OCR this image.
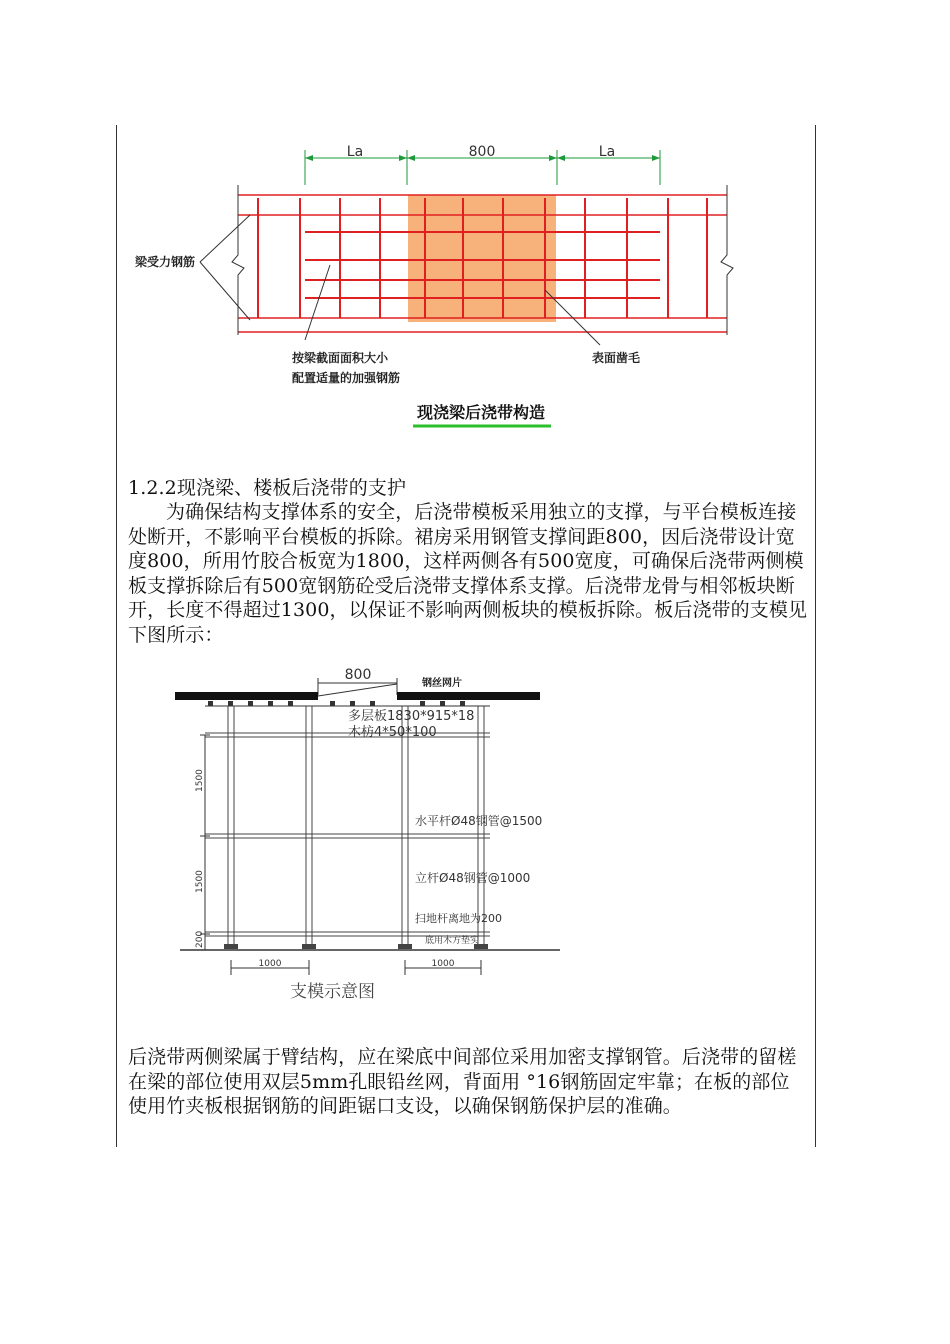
La	800	La
梁受力钢筋
按梁截面面积大小
配置适量的加强钢筋
表面凿毛
现浇梁后浇带构造
1.2.2现浇梁、楼板后浇带的支护
为确保结构支撑体系的安全，后浇带模板采用独立的支撑，与平台模板连接处断开，不影响平台模板的拆除。裙房采用钢管支撑间距800，因后浇带设计宽度800，所用竹胶合板宽为1800，这样两侧各有500宽度，可确保后浇带两侧模板支撑拆除后有500宽钢筋砼受后浇带支撑体系支撑。后浇带龙骨与相邻板块断开，长度不得超过1300，以保证不影响两侧板块的模板拆除。板后浇带的支模见下图所示：
800
钢丝网片
1500
1500
200
1000	1000
多层板1830*915*18
木枋4*50*100
水平杆Ø48钢管@1500
立杆Ø48钢管@1000
扫地杆离地为200
底用木方垫实
支模示意图
后浇带两侧梁属于臂结构，应在梁底中间部位采用加密支撑钢管。后浇带的留槎在梁的部位使用双层5mm孔眼铅丝网，背面用 °16钢筋固定牢靠；在板的部位使用竹夹板根据钢筋的间距锯口支设，以确保钢筋保护层的准确。
